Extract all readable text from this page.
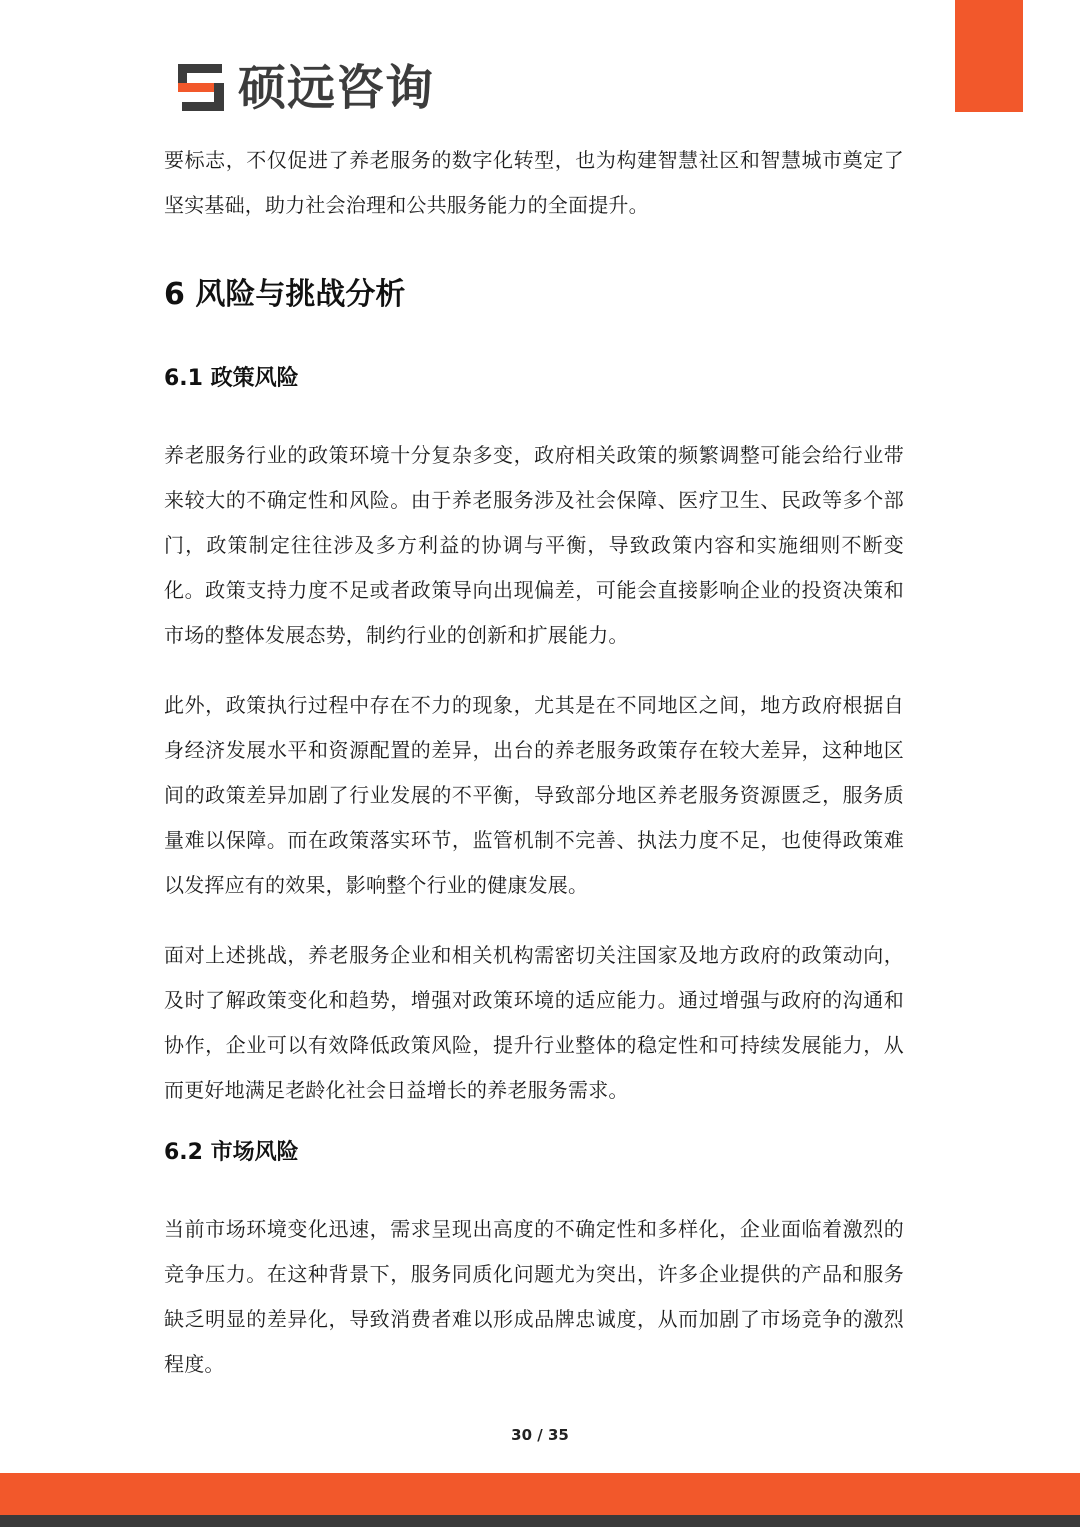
硕远咨询

要标志，不仅促进了养老服务的数字化转型，也为构建智慧社区和智慧城市奠定了坚实基础，助力社会治理和公共服务能力的全面提升。

6 风险与挑战分析
6.1 政策风险

养老服务行业的政策环境十分复杂多变，政府相关政策的频繁调整可能会给行业带来较大的不确定性和风险。由于养老服务涉及社会保障、医疗卫生、民政等多个部门，政策制定往往涉及多方利益的协调与平衡，导致政策内容和实施细则不断变化。政策支持力度不足或者政策导向出现偏差，可能会直接影响企业的投资决策和市场的整体发展态势，制约行业的创新和扩展能力。

此外，政策执行过程中存在不力的现象，尤其是在不同地区之间，地方政府根据自身经济发展水平和资源配置的差异，出台的养老服务政策存在较大差异，这种地区间的政策差异加剧了行业发展的不平衡，导致部分地区养老服务资源匮乏，服务质量难以保障。而在政策落实环节，监管机制不完善、执法力度不足，也使得政策难以发挥应有的效果，影响整个行业的健康发展。

面对上述挑战，养老服务企业和相关机构需密切关注国家及地方政府的政策动向，及时了解政策变化和趋势，增强对政策环境的适应能力。通过增强与政府的沟通和协作，企业可以有效降低政策风险，提升行业整体的稳定性和可持续发展能力，从而更好地满足老龄化社会日益增长的养老服务需求。

6.2 市场风险

当前市场环境变化迅速，需求呈现出高度的不确定性和多样化，企业面临着激烈的竞争压力。在这种背景下，服务同质化问题尤为突出，许多企业提供的产品和服务缺乏明显的差异化，导致消费者难以形成品牌忠诚度，从而加剧了市场竞争的激烈程度。

30 / 35
